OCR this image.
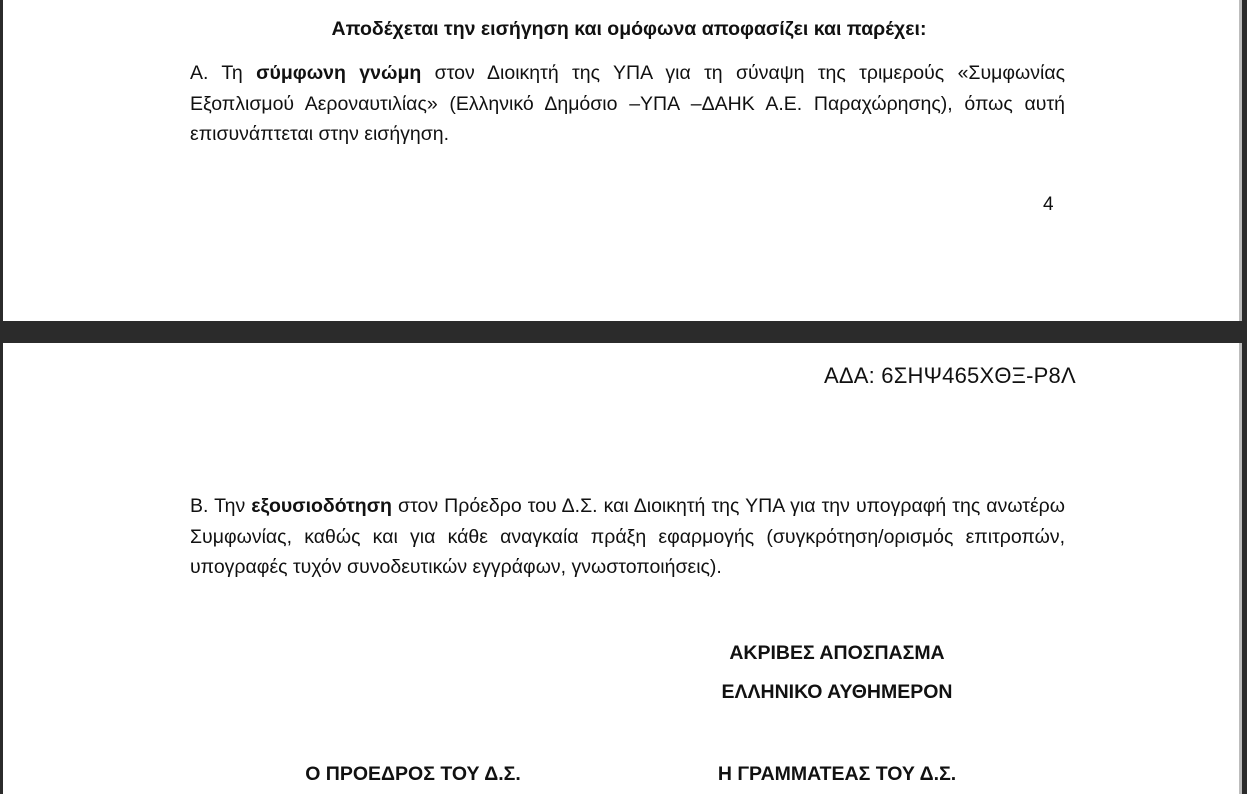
Αποδέχεται την εισήγηση και ομόφωνα αποφασίζει και παρέχει:
Α. Τη σύμφωνη γνώμη στον Διοικητή της ΥΠΑ για τη σύναψη της τριμερούς «Συμφωνίας Εξοπλισμού Αεροναυτιλίας» (Ελληνικό Δημόσιο –ΥΠΑ –ΔΑΗΚ Α.Ε. Παραχώρησης), όπως αυτή επισυνάπτεται στην εισήγηση.
4
ΑΔΑ: 6ΣΗΨ465ΧΘΞ-Ρ8Λ
Β. Την εξουσιοδότηση στον Πρόεδρο του Δ.Σ. και Διοικητή της ΥΠΑ για την υπογραφή της ανωτέρω Συμφωνίας, καθώς και για κάθε αναγκαία πράξη εφαρμογής (συγκρότηση/ορισμός επιτροπών, υπογραφές τυχόν συνοδευτικών εγγράφων, γνωστοποιήσεις).
ΑΚΡΙΒΕΣ ΑΠΟΣΠΑΣΜΑ
ΕΛΛΗΝΙΚΟ ΑΥΘΗΜΕΡΟΝ
Ο ΠΡΟΕΔΡΟΣ ΤΟΥ Δ.Σ.	Η ΓΡΑΜΜΑΤΕΑΣ ΤΟΥ Δ.Σ.
